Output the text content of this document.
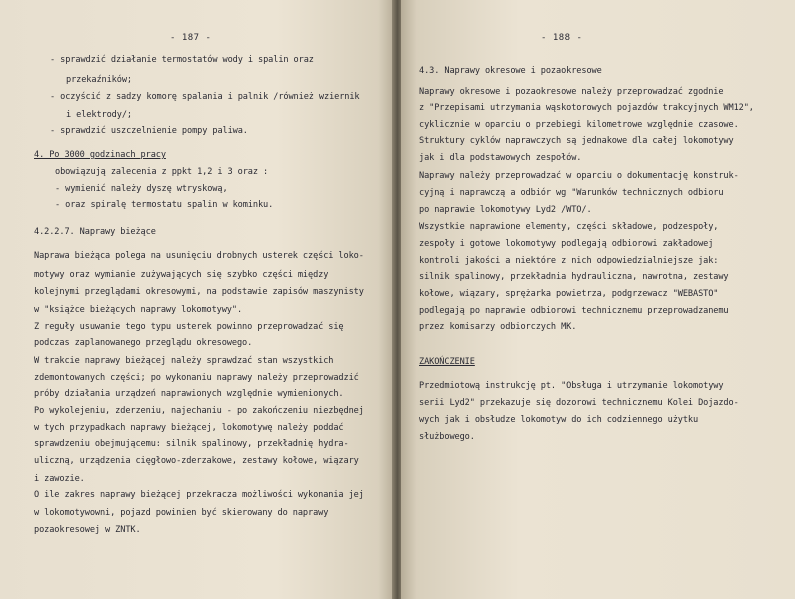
- 187 -
- sprawdzić działanie termostatów wody i spalin oraz
przekaźników;
- oczyścić z sadzy komorę spalania i palnik /również wziernik
i elektrody/;
- sprawdzić uszczelnienie pompy paliwa.
4. Po 3000 godzinach pracy
obowiązują zalecenia z ppkt 1,2 i 3 oraz :
- wymienić należy dyszę wtryskową,
- oraz spiralę termostatu spalin w kominku.
4.2.2.7. Naprawy bieżące
Naprawa bieżąca polega na usunięciu drobnych usterek części loko-
motywy oraz wymianie zużywających się szybko części między
kolejnymi przeglądami okresowymi, na podstawie zapisów maszynisty
w "książce bieżących naprawy lokomotywy".
Z reguły usuwanie tego typu usterek powinno przeprowadzać się
podczas zaplanowanego przeglądu okresowego.
W trakcie naprawy bieżącej należy sprawdzać stan wszystkich
zdemontowanych części; po wykonaniu naprawy należy przeprowadzić
próby działania urządzeń naprawionych względnie wymienionych.
Po wykolejeniu, zderzeniu, najechaniu - po zakończeniu niezbędnej
w tych przypadkach naprawy bieżącej, lokomotywę należy poddać
sprawdzeniu obejmującemu: silnik spalinowy, przekładnię hydra-
uliczną, urządzenia cięgłowo-zderzakowe, zestawy kołowe, wiązary
i zawozie.
O ile zakres naprawy bieżącej przekracza możliwości wykonania jej
w lokomotywowni, pojazd powinien być skierowany do naprawy
pozaokresowej w ZNTK.
- 188 -
4.3. Naprawy okresowe i pozaokresowe
Naprawy okresowe i pozaokresowe należy przeprowadzać zgodnie
z "Przepisami utrzymania wąskotorowych pojazdów trakcyjnych WM12",
cyklicznie w oparciu o przebiegi kilometrowe względnie czasowe.
Struktury cyklów naprawczych są jednakowe dla całej lokomotywy
jak i dla podstawowych zespołów.
Naprawy należy przeprowadzać w oparciu o dokumentację konstruk-
cyjną i naprawczą a odbiór wg "Warunków technicznych odbioru
po naprawie lokomotywy Lyd2 /WTO/.
Wszystkie naprawione elementy, części składowe, podzespoły,
zespoły i gotowe lokomotywy podlegają odbiorowi zakładowej
kontroli jakości a niektóre z nich odpowiedzialniejsze jak:
silnik spalinowy, przekładnia hydrauliczna, nawrotna, zestawy
kołowe, wiązary, sprężarka powietrza, podgrzewacz "WEBASTO"
podlegają po naprawie odbiorowi technicznemu przeprowadzanemu
przez komisarzy odbiorczych MK.
ZAKOŃCZENIE
Przedmiotową instrukcję pt. "Obsługa i utrzymanie lokomotywy
serii Lyd2" przekazuje się dozorowi technicznemu Kolei Dojazdo-
wych jak i obsłudze lokomotyw do ich codziennego użytku
służbowego.
